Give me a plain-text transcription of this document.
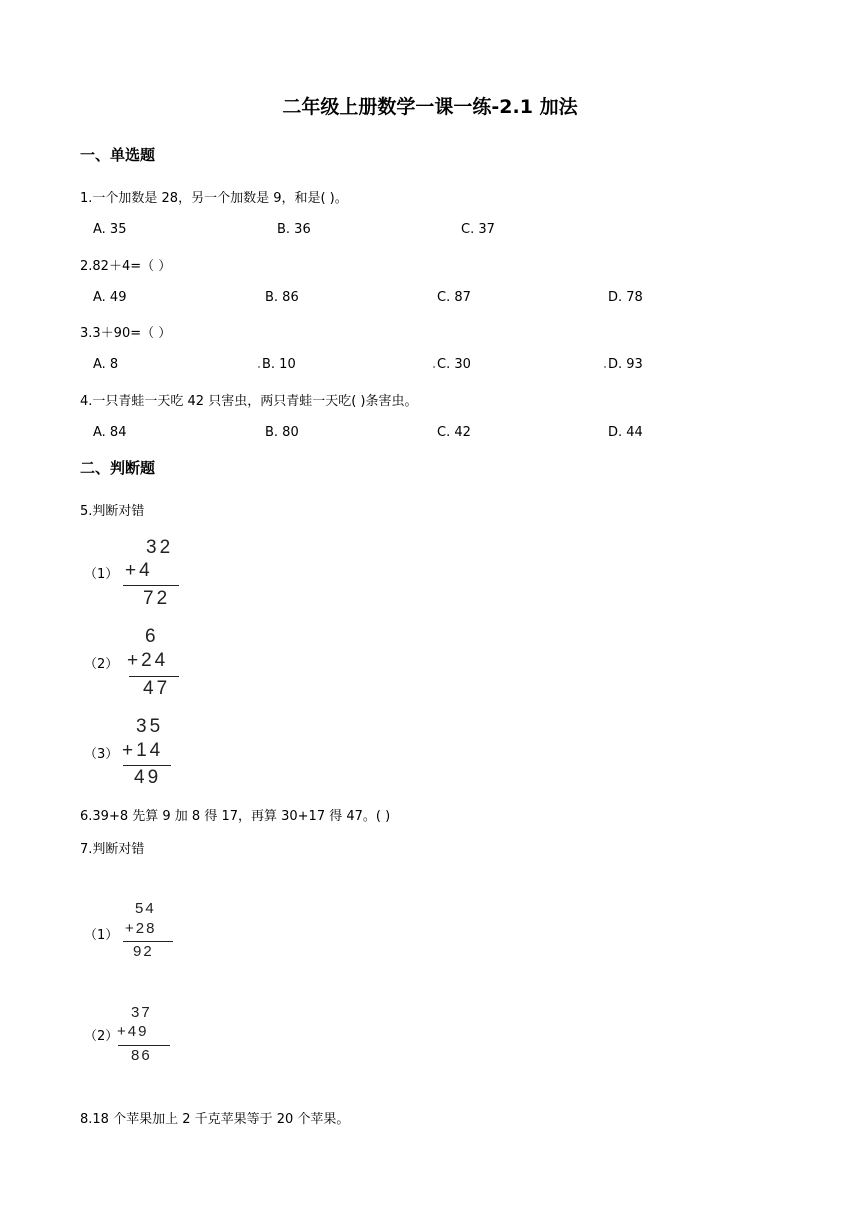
二年级上册数学一课一练-2.1 加法
一、单选题
1.一个加数是 28，另一个加数是 9，和是( )。
A. 35	B. 36	C. 37
2.82＋4=（ ）
A. 49	B. 86	C. 87	D. 78
3.3＋90=（ ）
A. 8	B. 10	C. 30	D. 93
4.一只青蛙一天吃 42 只害虫，两只青蛙一天吃( )条害虫。
A. 84	B. 80	C. 42	D. 44
二、判断题
5.判断对错
（1）
32
+4
72
（2）
6
+24
47
（3）
35
+14
49
6.39+8 先算 9 加 8 得 17，再算 30+17 得 47。( )
7.判断对错
（1）
54
+28
92
（2）
37
+49
86
8.18 个苹果加上 2 千克苹果等于 20 个苹果。
